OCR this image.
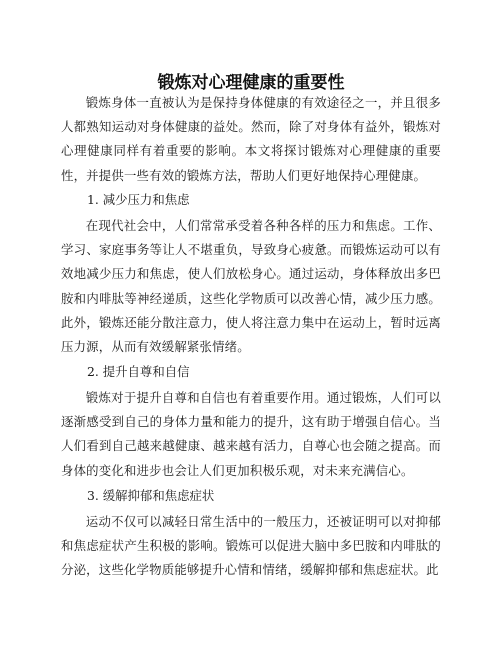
锻炼对心理健康的重要性

锻炼身体一直被认为是保持身体健康的有效途径之一，并且很多人都熟知运动对身体健康的益处。然而，除了对身体有益外，锻炼对心理健康同样有着重要的影响。本文将探讨锻炼对心理健康的重要性，并提供一些有效的锻炼方法，帮助人们更好地保持心理健康。

1. 减少压力和焦虑

在现代社会中，人们常常承受着各种各样的压力和焦虑。工作、学习、家庭事务等让人不堪重负，导致身心疲惫。而锻炼运动可以有效地减少压力和焦虑，使人们放松身心。通过运动，身体释放出多巴胺和内啡肽等神经递质，这些化学物质可以改善心情，减少压力感。此外，锻炼还能分散注意力，使人将注意力集中在运动上，暂时远离压力源，从而有效缓解紧张情绪。

2. 提升自尊和自信

锻炼对于提升自尊和自信也有着重要作用。通过锻炼，人们可以逐渐感受到自己的身体力量和能力的提升，这有助于增强自信心。当人们看到自己越来越健康、越来越有活力，自尊心也会随之提高。而身体的变化和进步也会让人们更加积极乐观，对未来充满信心。

3. 缓解抑郁和焦虑症状

运动不仅可以减轻日常生活中的一般压力，还被证明可以对抑郁和焦虑症状产生积极的影响。锻炼可以促进大脑中多巴胺和内啡肽的分泌，这些化学物质能够提升心情和情绪，缓解抑郁和焦虑症状。此
